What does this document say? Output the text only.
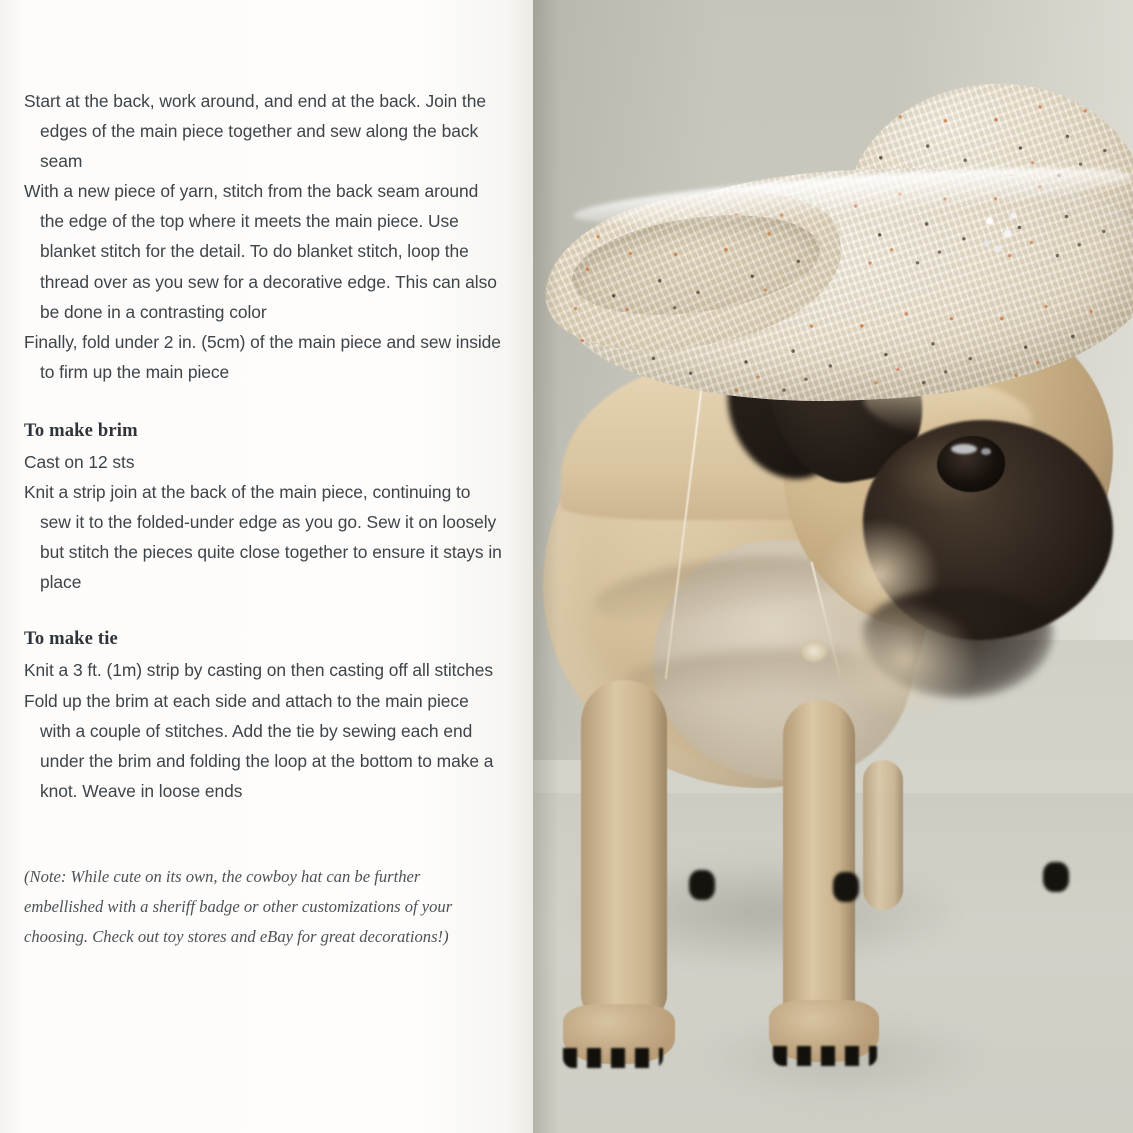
Start at the back, work around, and end at the back. Join the edges of the main piece together and sew along the back seam

With a new piece of yarn, stitch from the back seam around the edge of the top where it meets the main piece. Use blanket stitch for the detail. To do blanket stitch, loop the thread over as you sew for a decorative edge. This can also be done in a contrasting color

Finally, fold under 2 in. (5cm) of the main piece and sew inside to firm up the main piece

To make brim

Cast on 12 sts

Knit a strip join at the back of the main piece, continuing to sew it to the folded-under edge as you go. Sew it on loosely but stitch the pieces quite close together to ensure it stays in place

To make tie

Knit a 3 ft. (1m) strip by casting on then casting off all stitches

Fold up the brim at each side and attach to the main piece with a couple of stitches. Add the tie by sewing each end under the brim and folding the loop at the bottom to make a knot. Weave in loose ends

(Note: While cute on its own, the cowboy hat can be further embellished with a sheriff badge or other customizations of your choosing. Check out toy stores and eBay for great decorations!)
